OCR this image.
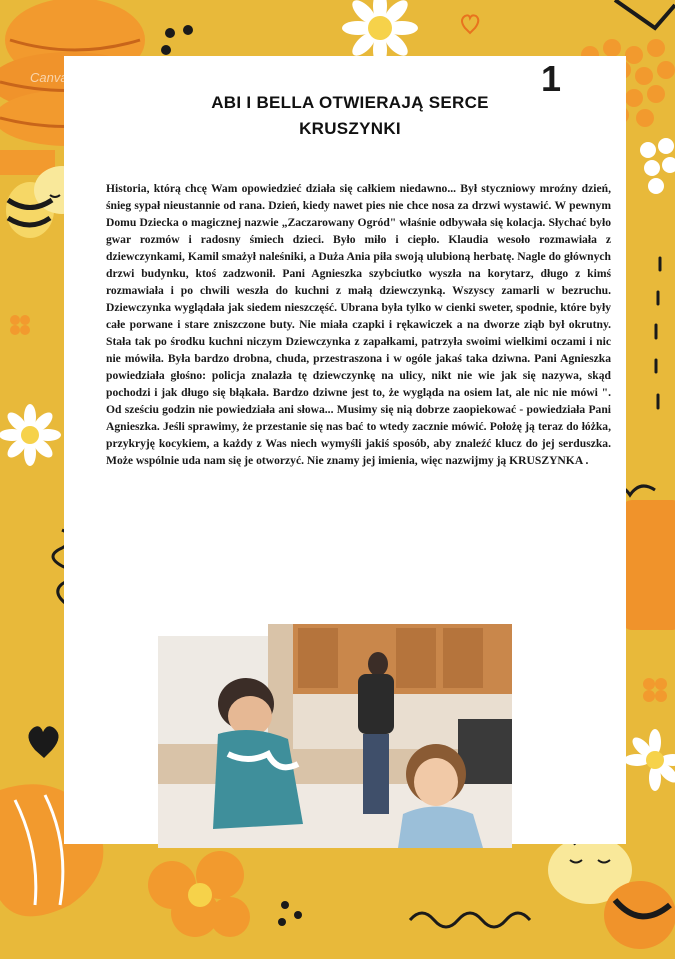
1
ABI I BELLA OTWIERAJĄ SERCE
KRUSZYNKI

Historia, którą chcę Wam opowiedzieć działa się całkiem niedawno... Był styczniowy mroźny dzień, śnieg sypał nieustannie od rana. Dzień, kiedy nawet pies nie chce nosa za drzwi wystawić. W pewnym Domu Dziecka o magicznej nazwie „Zaczarowany Ogród" właśnie odbywała się kolacja. Słychać było gwar rozmów i radosny śmiech dzieci. Było miło i ciepło. Klaudia wesoło rozmawiała z dziewczynkami, Kamil smażył naleśniki, a Duża Ania piła swoją ulubioną herbatę. Nagle do głównych drzwi budynku, ktoś zadzwonił. Pani Agnieszka szybciutko wyszła na korytarz, długo z kimś rozmawiała i po chwili weszła do kuchni z małą dziewczynką. Wszyscy zamarli w bezruchu. Dziewczynka wyglądała jak siedem nieszczęść. Ubrana była tylko w cienki sweter, spodnie, które były całe porwane i stare zniszczone buty. Nie miała czapki i rękawiczek a na dworze ziąb był okrutny. Stała tak po środku kuchni niczym Dziewczynka z zapałkami, patrzyła swoimi wielkimi oczami i nic nie mówiła. Była bardzo drobna, chuda, przestraszona i w ogóle jakaś taka dziwna. Pani Agnieszka powiedziała głośno: policja znalazła tę dziewczynkę na ulicy, nikt nie wie jak się nazywa, skąd pochodzi i jak długo się błąkała. Bardzo dziwne jest to, że wygląda na osiem lat, ale nic nie mówi ". Od sześciu godzin nie powiedziała ani słowa... Musimy się nią dobrze zaopiekować - powiedziała Pani Agnieszka. Jeśli sprawimy, że przestanie się nas bać to wtedy zacznie mówić. Położę ją teraz do łóżka, przykryję kocykiem, a każdy z Was niech wymyśli jakiś sposób, aby znaleźć klucz do jej serduszka. Może wspólnie uda nam się je otworzyć. Nie znamy jej imienia, więc nazwijmy ją KRUSZYNKA .

Canva
